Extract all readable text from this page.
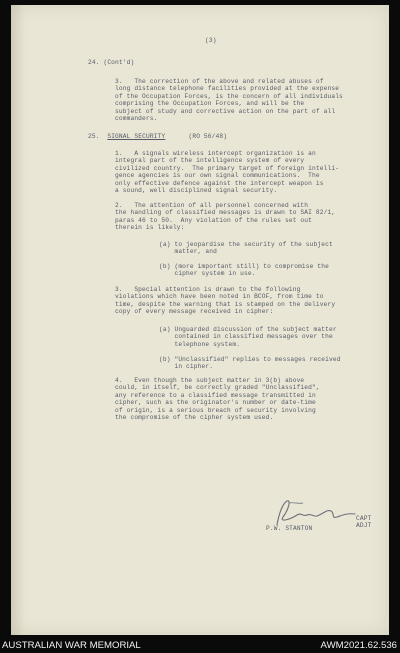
(3)

24. (Cont'd)

3.   The correction of the above and related abuses of
long distance telephone facilities provided at the expense
of the Occupation Forces, is the concern of all individuals
comprising the Occupation Forces, and will be the
subject of study and corrective action on the part of all
commanders.

25. SIGNAL SECURITY	(RO 56/48)

1.   A signals wireless intercept organization is an
integral part of the intelligence system of every
civilized country.  The primary target of foreign intelli-
gence agencies is our own signal communications.  The
only effective defence against the intercept weapon is
a sound, well disciplined signal security.

2.   The attention of all personnel concerned with
the handling of classified messages is drawn to SAI 82/1,
paras 46 to 50.  Any violation of the rules set out
therein is likely:

(a) to jeopardise the security of the subject
matter, and

(b) (more important still) to compromise the
cipher system in use.

3.   Special attention is drawn to the following
violations which have been noted in BCOF, from time to
time, despite the warning that is stamped on the delivery
copy of every message received in cipher:

(a) Unguarded discussion of the subject matter
contained in classified messages over the
telephone system.

(b) "Unclassified" replies to messages received
in cipher.

4.   Even though the subject matter in 3(b) above
could, in itself, be correctly graded "Unclassified",
any reference to a classified message transmitted in
cipher, such as the originator's number or date-time
of origin, is a serious breach of security involving
the compromise of the cipher system used.

P.W. STANTON

CAPT
ADJT
AUSTRALIAN WAR MEMORIAL	AWM2021.62.536
